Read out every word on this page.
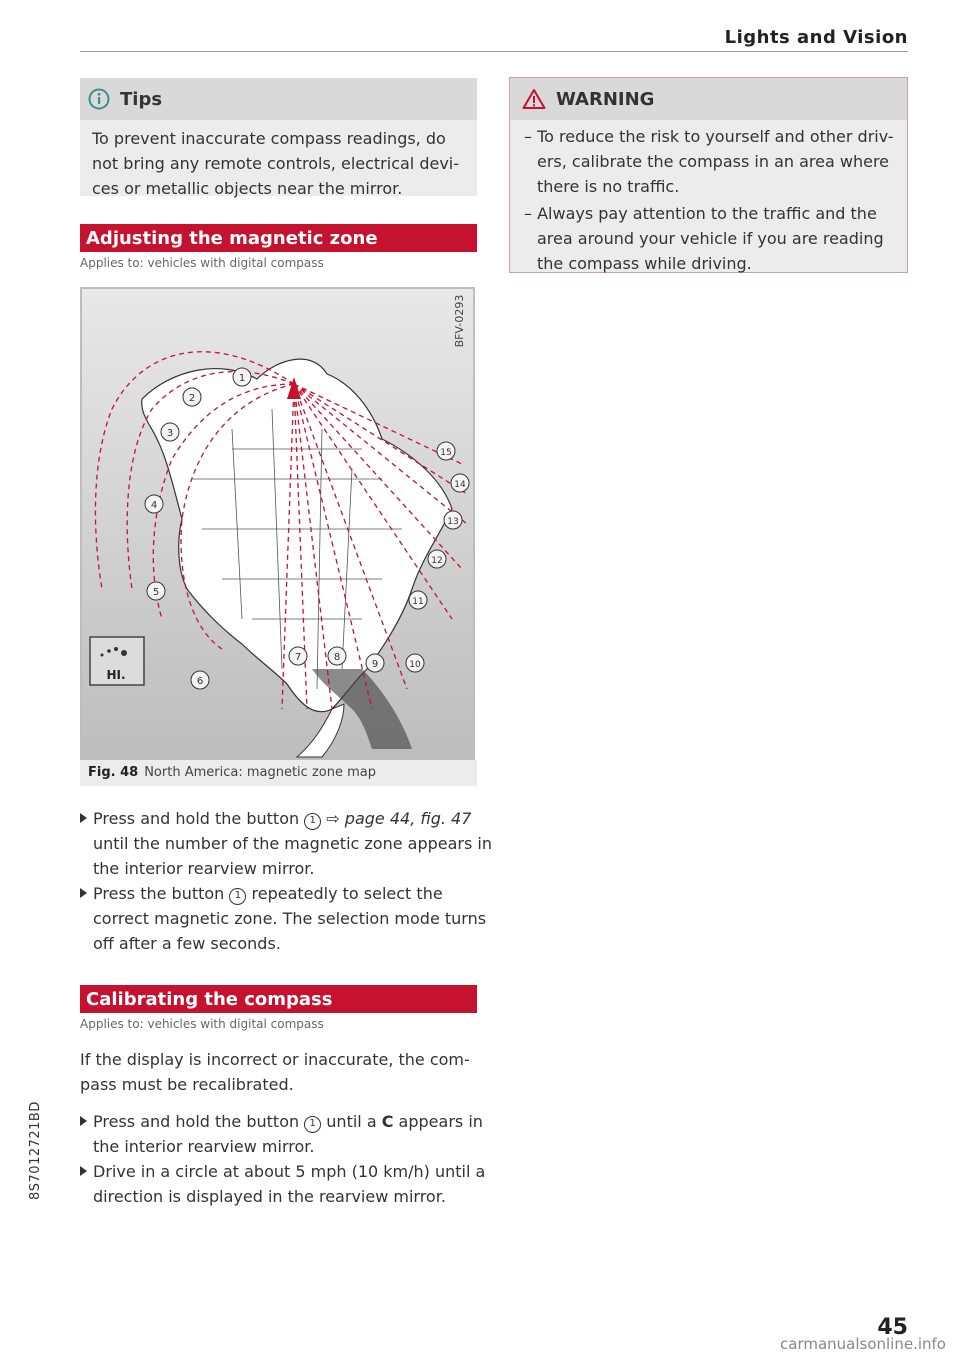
Lights and Vision
Tips
To prevent inaccurate compass readings, do not bring any remote controls, electrical devi-ces or metallic objects near the mirror.
Adjusting the magnetic zone
Applies to: vehicles with digital compass
1
2
3
4
5
6
7	8
9	10
11
12
13
14
15
HI.
BFV-0293
Fig. 48 North America: magnetic zone map
Press and hold the button 1 ⇨ page 44, fig. 47 until the number of the magnetic zone appears in the interior rearview mirror.
Press the button 1 repeatedly to select the correct magnetic zone. The selection mode turns off after a few seconds.
Calibrating the compass
Applies to: vehicles with digital compass
If the display is incorrect or inaccurate, the com-pass must be recalibrated.
Press and hold the button 1 until a C appears in the interior rearview mirror.
Drive in a circle at about 5 mph (10 km/h) until a direction is displayed in the rearview mirror.
WARNING
– To reduce the risk to yourself and other driv-ers, calibrate the compass in an area where there is no traffic.
– Always pay attention to the traffic and the area around your vehicle if you are reading the compass while driving.
8S7012721BD
45
carmanualsonline.info
